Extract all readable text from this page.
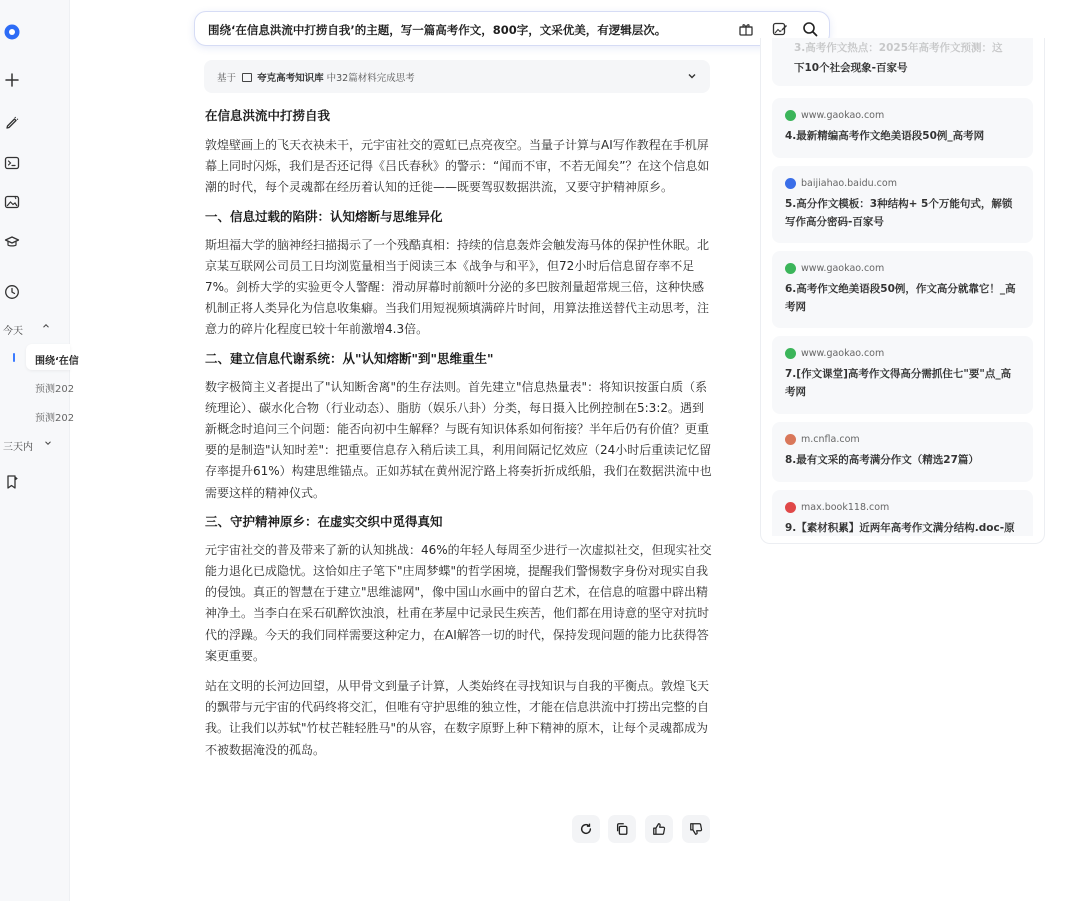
今天
围绕‘在信
预测202
预测202
三天内
围绕‘在信息洪流中打捞自我’的主题，写一篇高考作文，800字，文采优美，有逻辑层次。
基于 夸克高考知识库 中32篇材料完成思考
在信息洪流中打捞自我

敦煌壁画上的飞天衣袂未干，元宇宙社交的霓虹已点亮夜空。当量子计算与AI写作教程在手机屏幕上同时闪烁，我们是否还记得《吕氏春秋》的警示：“闻而不审，不若无闻矣”？在这个信息如潮的时代，每个灵魂都在经历着认知的迁徙——既要驾驭数据洪流，又要守护精神原乡。

一、信息过载的陷阱：认知熔断与思维异化

斯坦福大学的脑神经扫描揭示了一个残酷真相：持续的信息轰炸会触发海马体的保护性休眠。北京某互联网公司员工日均浏览量相当于阅读三本《战争与和平》，但72小时后信息留存率不足7%。剑桥大学的实验更令人警醒：滑动屏幕时前额叶分泌的多巴胺剂量超常规三倍，这种快感机制正将人类异化为信息收集癖。当我们用短视频填满碎片时间，用算法推送替代主动思考，注意力的碎片化程度已较十年前激增4.3倍。

二、建立信息代谢系统：从"认知熔断"到"思维重生"

数字极简主义者提出了"认知断舍离"的生存法则。首先建立"信息热量表"：将知识按蛋白质（系统理论）、碳水化合物（行业动态）、脂肪（娱乐八卦）分类，每日摄入比例控制在5:3:2。遇到新概念时追问三个问题：能否向初中生解释？与既有知识体系如何衔接？半年后仍有价值？更重要的是制造"认知时差"：把重要信息存入稍后读工具，利用间隔记忆效应（24小时后重读记忆留存率提升61%）构建思维锚点。正如苏轼在黄州泥泞路上将奏折折成纸船，我们在数据洪流中也需要这样的精神仪式。

三、守护精神原乡：在虚实交织中觅得真知

元宇宙社交的普及带来了新的认知挑战：46%的年轻人每周至少进行一次虚拟社交，但现实社交能力退化已成隐忧。这恰如庄子笔下"庄周梦蝶"的哲学困境，提醒我们警惕数字身份对现实自我的侵蚀。真正的智慧在于建立"思维滤网"，像中国山水画中的留白艺术，在信息的喧嚣中辟出精神净土。当李白在采石矶醉饮浊浪，杜甫在茅屋中记录民生疾苦，他们都在用诗意的坚守对抗时代的浮躁。今天的我们同样需要这种定力，在AI解答一切的时代，保持发现问题的能力比获得答案更重要。

站在文明的长河边回望，从甲骨文到量子计算，人类始终在寻找知识与自我的平衡点。敦煌飞天的飘带与元宇宙的代码终将交汇，但唯有守护思维的独立性，才能在信息洪流中打捞出完整的自我。让我们以苏轼"竹杖芒鞋轻胜马"的从容，在数字原野上种下精神的原木，让每个灵魂都成为不被数据淹没的孤岛。

3.高考作文热点：2025年高考作文预测：这
下10个社会现象-百家号
www.gaokao.com
4.最新精编高考作文绝美语段50例_高考网
baijiahao.baidu.com
5.高分作文模板：3种结构+ 5个万能句式，解锁写作高分密码-百家号
www.gaokao.com
6.高考作文绝美语段50例，作文高分就靠它！_高考网
www.gaokao.com
7.[作文课堂]高考作文得高分需抓住七"要"点_高考网
m.cnfla.com
8.最有文采的高考满分作文（精选27篇）
max.book118.com
9.【素材积累】近两年高考作文满分结构.doc-原
